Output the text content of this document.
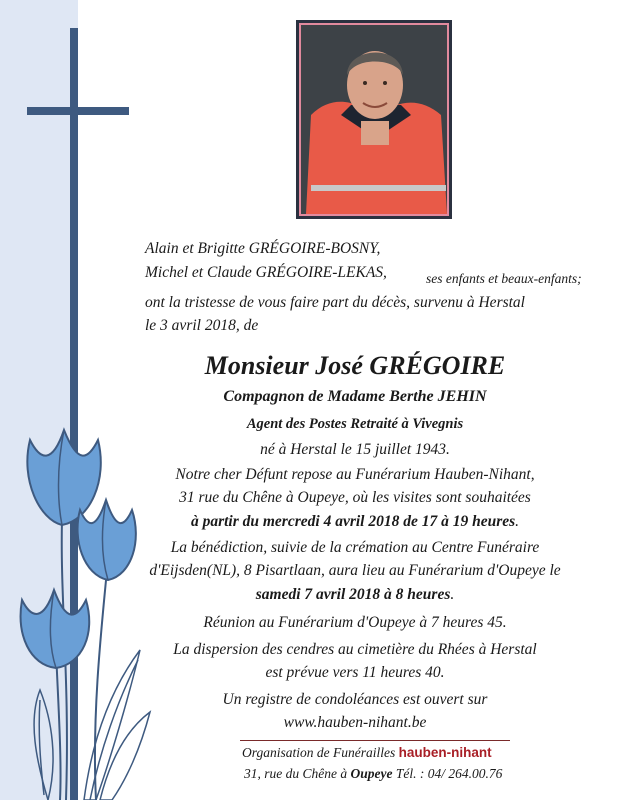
Alain et Brigitte GRÉGOIRE-BOSNY,
Michel et Claude GRÉGOIRE-LEKAS,	ses enfants et beaux-enfants;
ont la tristesse de vous faire part du décès, survenu à Herstal
le 3 avril 2018, de
Monsieur José GRÉGOIRE
Compagnon de Madame Berthe JEHIN
Agent des Postes Retraité à Vivegnis
né à Herstal le 15 juillet 1943.
Notre cher Défunt repose au Funérarium Hauben-Nihant,
31 rue du Chêne à Oupeye, où les visites sont souhaitées
à partir du mercredi 4 avril 2018 de 17 à 19 heures.
La bénédiction, suivie de la crémation au Centre Funéraire
d'Eijsden(NL), 8 Pisartlaan, aura lieu au Funérarium d'Oupeye le
samedi 7 avril 2018 à 8 heures.
Réunion au Funérarium d'Oupeye à 7 heures 45.
La dispersion des cendres au cimetière du Rhées à Herstal
est prévue vers 11 heures 40.
Un registre de condoléances est ouvert sur
www.hauben-nihant.be
Organisation de Funérailles hauben-nihant
31, rue du Chêne à Oupeye Tél. : 04/ 264.00.76
